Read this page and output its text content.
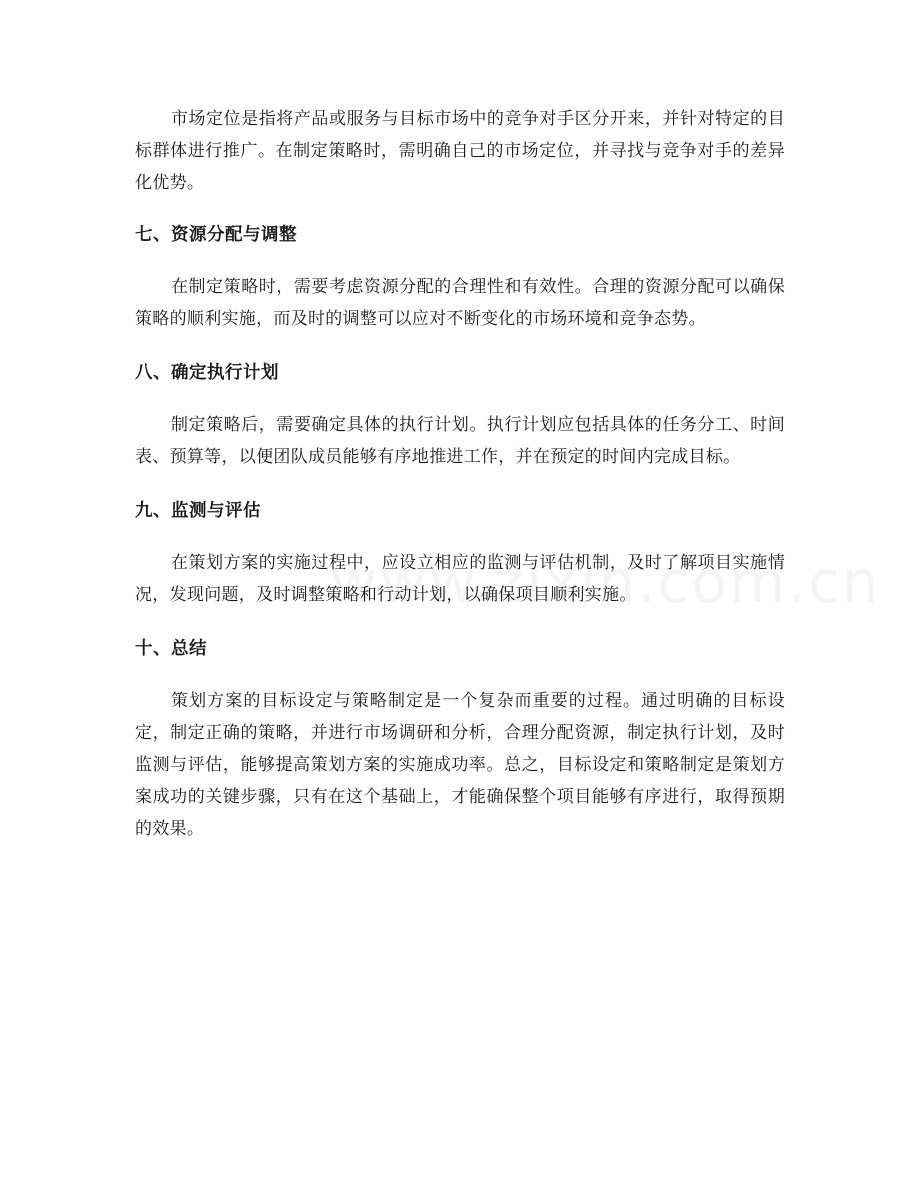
市场定位是指将产品或服务与目标市场中的竞争对手区分开来，并针对特定的目标群体进行推广。在制定策略时，需明确自己的市场定位，并寻找与竞争对手的差异化优势。

七、资源分配与调整

在制定策略时，需要考虑资源分配的合理性和有效性。合理的资源分配可以确保策略的顺利实施，而及时的调整可以应对不断变化的市场环境和竞争态势。

八、确定执行计划

制定策略后，需要确定具体的执行计划。执行计划应包括具体的任务分工、时间表、预算等，以便团队成员能够有序地推进工作，并在预定的时间内完成目标。

九、监测与评估

在策划方案的实施过程中，应设立相应的监测与评估机制，及时了解项目实施情况，发现问题，及时调整策略和行动计划，以确保项目顺利实施。

十、总结

策划方案的目标设定与策略制定是一个复杂而重要的过程。通过明确的目标设定，制定正确的策略，并进行市场调研和分析，合理分配资源，制定执行计划，及时监测与评估，能够提高策划方案的实施成功率。总之，目标设定和策略制定是策划方案成功的关键步骤，只有在这个基础上，才能确保整个项目能够有序进行，取得预期的效果。
